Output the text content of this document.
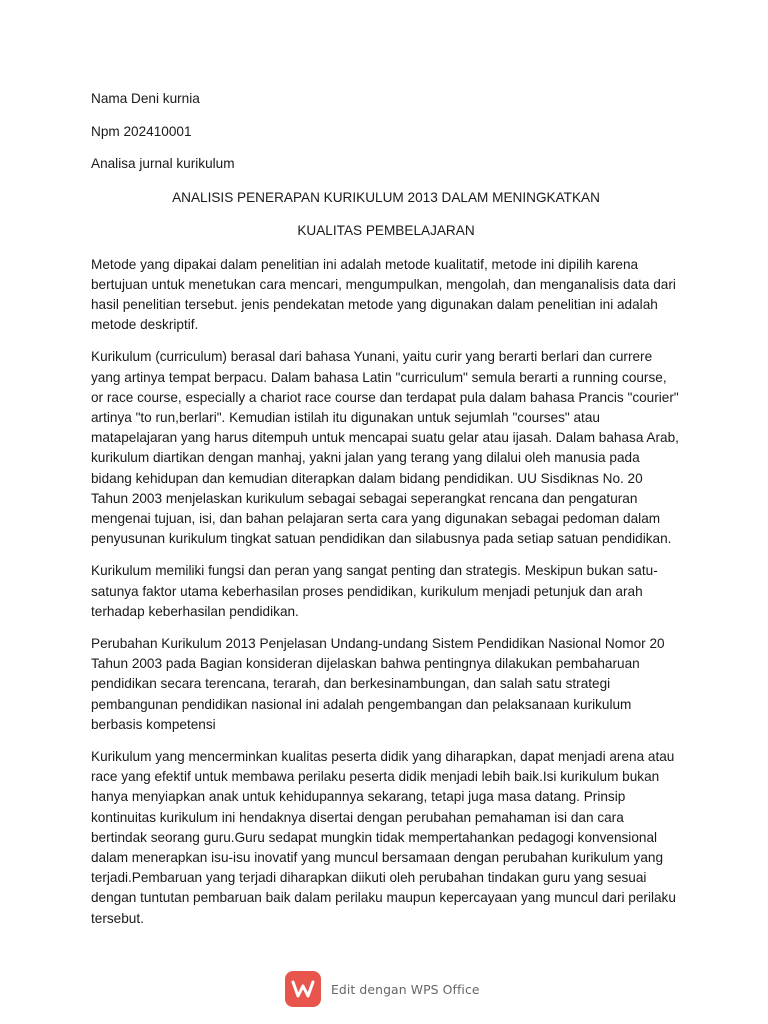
Nama Deni kurnia

Npm 202410001

Analisa jurnal kurikulum

ANALISIS PENERAPAN KURIKULUM 2013 DALAM MENINGKATKAN

KUALITAS PEMBELAJARAN

Metode yang dipakai dalam penelitian ini adalah metode kualitatif, metode ini dipilih karena bertujuan untuk menetukan cara mencari, mengumpulkan, mengolah, dan menganalisis data dari hasil penelitian tersebut. jenis pendekatan metode yang digunakan dalam penelitian ini adalah metode deskriptif.

Kurikulum (curriculum) berasal dari bahasa Yunani, yaitu curir yang berarti berlari dan currere yang artinya tempat berpacu. Dalam bahasa Latin "curriculum" semula berarti a running course, or race course, especially a chariot race course dan terdapat pula dalam bahasa Prancis "courier" artinya "to run,berlari". Kemudian istilah itu digunakan untuk sejumlah "courses" atau matapelajaran yang harus ditempuh untuk mencapai suatu gelar atau ijasah. Dalam bahasa Arab, kurikulum diartikan dengan manhaj, yakni jalan yang terang yang dilalui oleh manusia pada bidang kehidupan dan kemudian diterapkan dalam bidang pendidikan. UU Sisdiknas No. 20 Tahun 2003 menjelaskan kurikulum sebagai sebagai seperangkat rencana dan pengaturan mengenai tujuan, isi, dan bahan pelajaran serta cara yang digunakan sebagai pedoman dalam penyusunan kurikulum tingkat satuan pendidikan dan silabusnya pada setiap satuan pendidikan.

Kurikulum memiliki fungsi dan peran yang sangat penting dan strategis. Meskipun bukan satu-satunya faktor utama keberhasilan proses pendidikan, kurikulum menjadi petunjuk dan arah terhadap keberhasilan pendidikan.

Perubahan Kurikulum 2013 Penjelasan Undang-undang Sistem Pendidikan Nasional Nomor 20 Tahun 2003 pada Bagian konsideran dijelaskan bahwa pentingnya dilakukan pembaharuan pendidikan secara terencana, terarah, dan berkesinambungan, dan salah satu strategi pembangunan pendidikan nasional ini adalah pengembangan dan pelaksanaan kurikulum berbasis kompetensi

Kurikulum yang mencerminkan kualitas peserta didik yang diharapkan, dapat menjadi arena atau race yang efektif untuk membawa perilaku peserta didik menjadi lebih baik.Isi kurikulum bukan hanya menyiapkan anak untuk kehidupannya sekarang, tetapi juga masa datang. Prinsip kontinuitas kurikulum ini hendaknya disertai dengan perubahan pemahaman isi dan cara bertindak seorang guru.Guru sedapat mungkin tidak mempertahankan pedagogi konvensional dalam menerapkan isu-isu inovatif yang muncul bersamaan dengan perubahan kurikulum yang terjadi.Pembaruan yang terjadi diharapkan diikuti oleh perubahan tindakan guru yang sesuai dengan tuntutan pembaruan baik dalam perilaku maupun kepercayaan yang muncul dari perilaku tersebut.

Edit dengan WPS Office
